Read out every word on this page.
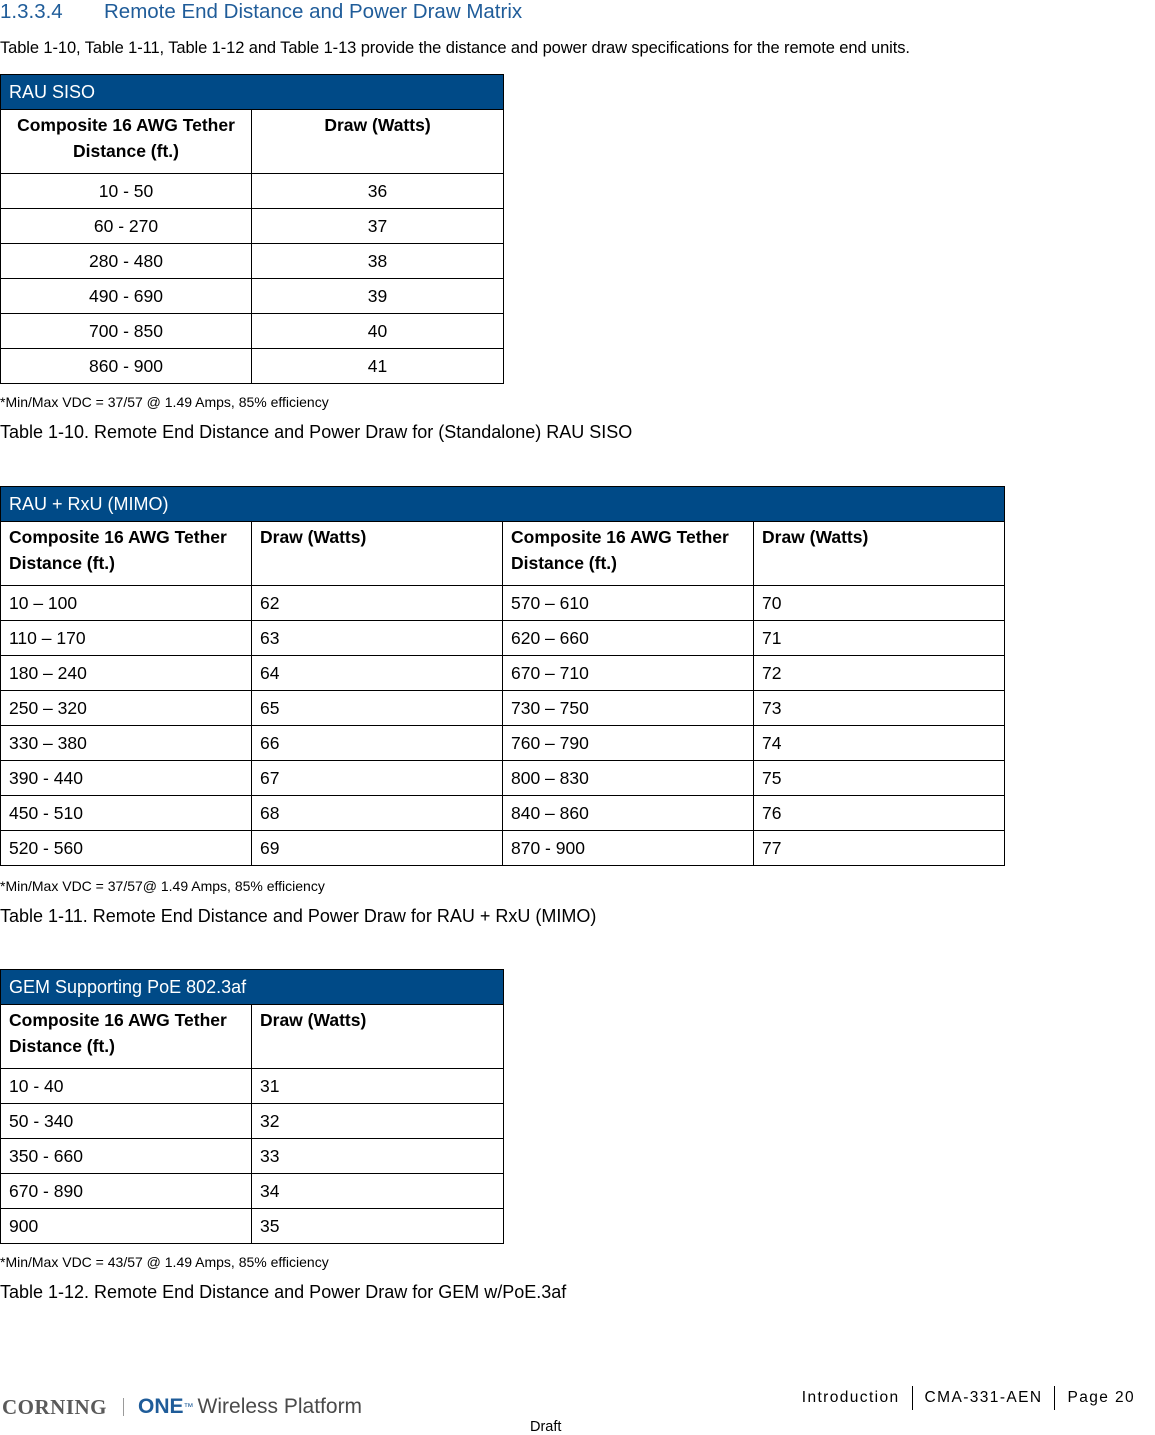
1.3.3.4 Remote End Distance and Power Draw Matrix
Table 1-10, Table 1-11, Table 1-12 and Table 1-13 provide the distance and power draw specifications for the remote end units.
RAU SISO	
Composite 16 AWG Tether Distance (ft.)	Draw (Watts)
10 - 50	36
60 - 270	37
280 - 480	38
490 - 690	39
700 - 850	40
860 - 900	41
*Min/Max VDC = 37/57 @ 1.49 Amps, 85% efficiency
Table 1-10. Remote End Distance and Power Draw for (Standalone) RAU SISO
RAU + RxU (MIMO)			
Composite 16 AWG Tether Distance (ft.)	Draw (Watts)	Composite 16 AWG Tether Distance (ft.)	Draw (Watts)
10 – 100	62	570 – 610	70
110 – 170	63	620 – 660	71
180 – 240	64	670 – 710	72
250 – 320	65	730 – 750	73
330 – 380	66	760 – 790	74
390 - 440	67	800 – 830	75
450 - 510	68	840 – 860	76
520 - 560	69	870 - 900	77
*Min/Max VDC = 37/57@ 1.49 Amps, 85% efficiency
Table 1-11. Remote End Distance and Power Draw for RAU + RxU (MIMO)
GEM Supporting PoE 802.3af	
Composite 16 AWG Tether Distance (ft.)	Draw (Watts)
10 - 40	31
50 - 340	32
350 - 660	33
670 - 890	34
900	35
*Min/Max VDC = 43/57 @ 1.49 Amps, 85% efficiency
Table 1-12. Remote End Distance and Power Draw for GEM w/PoE.3af
CORNING ONE ™ Wireless Platform	Introduction	CMA-331-AEN	Page 20
Draft
